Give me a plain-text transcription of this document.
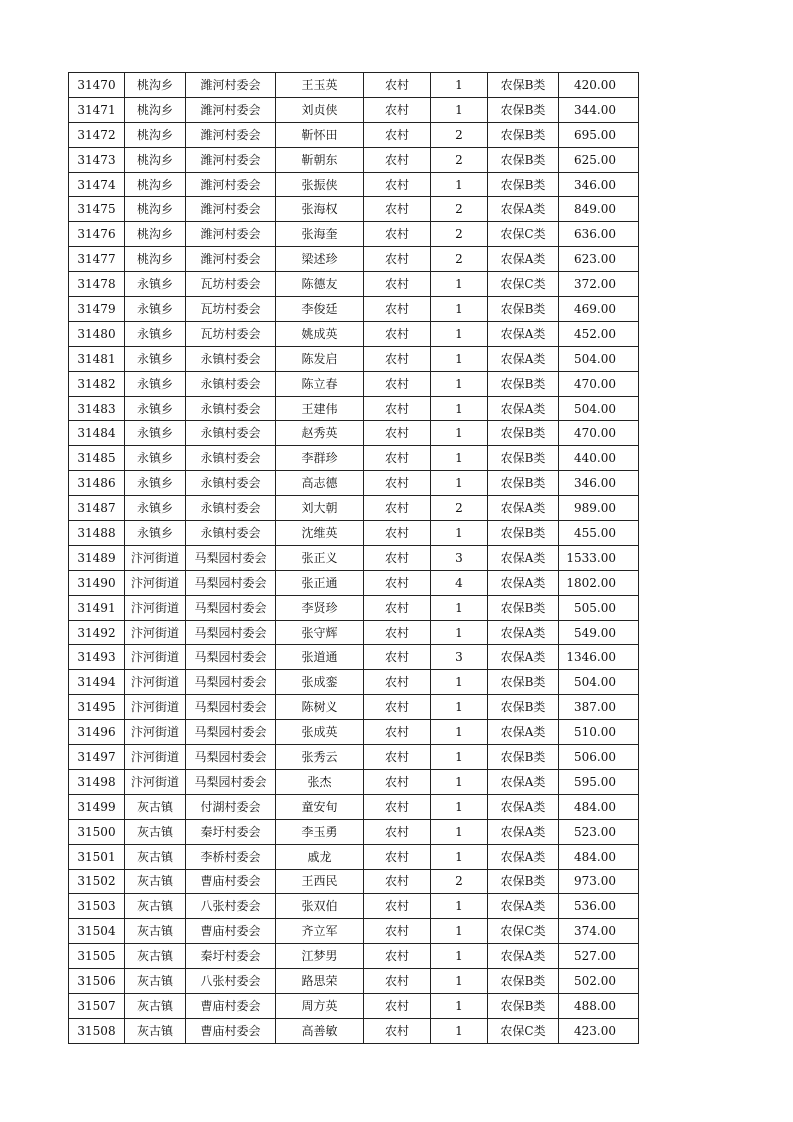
31470	桃沟乡	潍河村委会	王玉英	农村	1	农保B类	420.00
31471	桃沟乡	潍河村委会	刘贞侠	农村	1	农保B类	344.00
31472	桃沟乡	潍河村委会	靳怀田	农村	2	农保B类	695.00
31473	桃沟乡	潍河村委会	靳朝东	农村	2	农保B类	625.00
31474	桃沟乡	潍河村委会	张振侠	农村	1	农保B类	346.00
31475	桃沟乡	潍河村委会	张海权	农村	2	农保A类	849.00
31476	桃沟乡	潍河村委会	张海奎	农村	2	农保C类	636.00
31477	桃沟乡	潍河村委会	梁述珍	农村	2	农保A类	623.00
31478	永镇乡	瓦坊村委会	陈德友	农村	1	农保C类	372.00
31479	永镇乡	瓦坊村委会	李俊廷	农村	1	农保B类	469.00
31480	永镇乡	瓦坊村委会	姚成英	农村	1	农保A类	452.00
31481	永镇乡	永镇村委会	陈发启	农村	1	农保A类	504.00
31482	永镇乡	永镇村委会	陈立春	农村	1	农保B类	470.00
31483	永镇乡	永镇村委会	王建伟	农村	1	农保A类	504.00
31484	永镇乡	永镇村委会	赵秀英	农村	1	农保B类	470.00
31485	永镇乡	永镇村委会	李群珍	农村	1	农保B类	440.00
31486	永镇乡	永镇村委会	高志德	农村	1	农保B类	346.00
31487	永镇乡	永镇村委会	刘大朝	农村	2	农保A类	989.00
31488	永镇乡	永镇村委会	沈维英	农村	1	农保B类	455.00
31489	汴河街道	马梨园村委会	张正义	农村	3	农保A类	1533.00
31490	汴河街道	马梨园村委会	张正通	农村	4	农保A类	1802.00
31491	汴河街道	马梨园村委会	李贤珍	农村	1	农保B类	505.00
31492	汴河街道	马梨园村委会	张守辉	农村	1	农保A类	549.00
31493	汴河街道	马梨园村委会	张道通	农村	3	农保A类	1346.00
31494	汴河街道	马梨园村委会	张成銮	农村	1	农保B类	504.00
31495	汴河街道	马梨园村委会	陈树义	农村	1	农保B类	387.00
31496	汴河街道	马梨园村委会	张成英	农村	1	农保A类	510.00
31497	汴河街道	马梨园村委会	张秀云	农村	1	农保B类	506.00
31498	汴河街道	马梨园村委会	张杰	农村	1	农保A类	595.00
31499	灰古镇	付湖村委会	童安旬	农村	1	农保A类	484.00
31500	灰古镇	秦圩村委会	李玉勇	农村	1	农保A类	523.00
31501	灰古镇	李桥村委会	戚龙	农村	1	农保A类	484.00
31502	灰古镇	曹庙村委会	王西民	农村	2	农保B类	973.00
31503	灰古镇	八张村委会	张双伯	农村	1	农保A类	536.00
31504	灰古镇	曹庙村委会	齐立军	农村	1	农保C类	374.00
31505	灰古镇	秦圩村委会	江梦男	农村	1	农保A类	527.00
31506	灰古镇	八张村委会	路思荣	农村	1	农保B类	502.00
31507	灰古镇	曹庙村委会	周方英	农村	1	农保B类	488.00
31508	灰古镇	曹庙村委会	高善敏	农村	1	农保C类	423.00
